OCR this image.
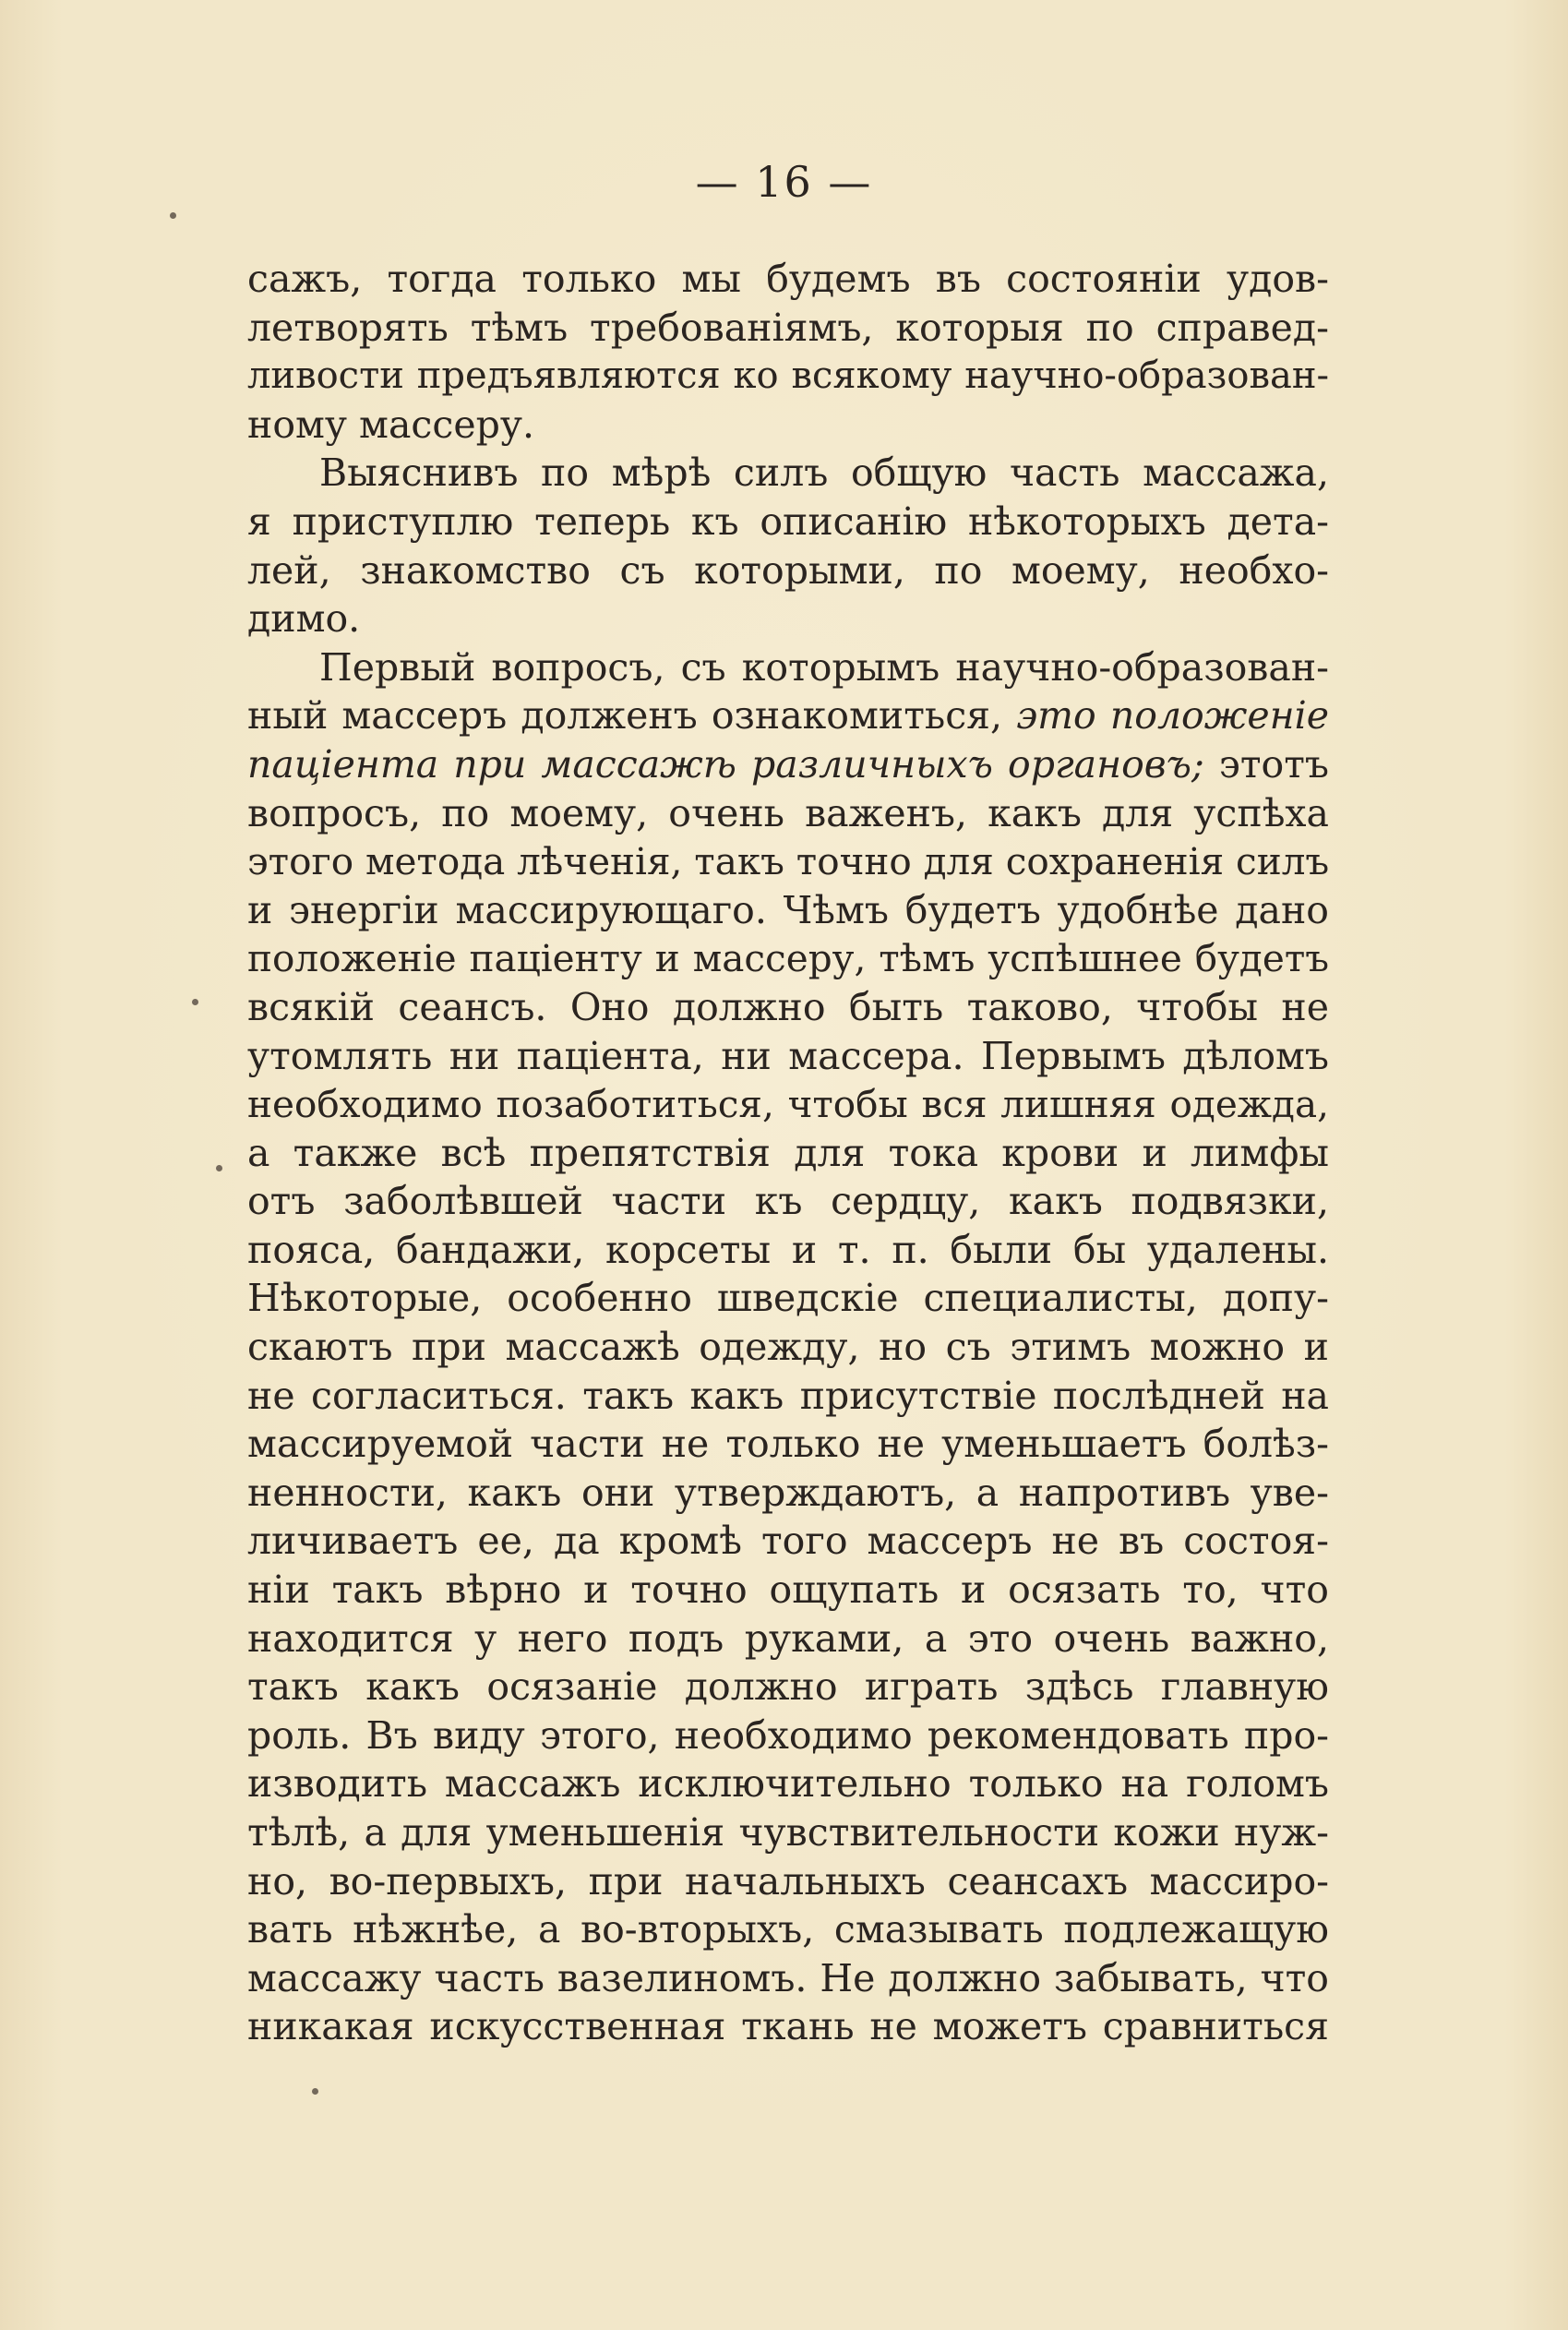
— 16 —
сажъ, тогда только мы будемъ въ состоянiи удов-
летворять тѣмъ требованiямъ, которыя по справед-
ливости предъявляются ко всякому научно-образован-
ному массеру.
Выяснивъ по мѣрѣ силъ общую часть массажа,
я приступлю теперь къ описанiю нѣкоторыхъ дета-
лей, знакомство съ которыми, по моему, необхо-
димо.
Первый вопросъ, съ которымъ научно-образован-
ный массеръ долженъ ознакомиться, это положенiе
пацiента при массажѣ различныхъ органовъ; этотъ
вопросъ, по моему, очень важенъ, какъ для успѣха
этого метода лѣченiя, такъ точно для сохраненiя силъ
и энергiи массирующаго. Чѣмъ будетъ удобнѣе дано
положенiе пацiенту и массеру, тѣмъ успѣшнее будетъ
всякiй сеансъ. Оно должно быть таково, чтобы не
утомлять ни пацiента, ни массера. Первымъ дѣломъ
необходимо позаботиться, чтобы вся лишняя одежда,
а также всѣ препятствiя для тока крови и лимфы
отъ заболѣвшей части къ сердцу, какъ подвязки,
пояса, бандажи, корсеты и т. п. были бы удалены.
Нѣкоторые, особенно шведскiе специалисты, допу-
скаютъ при массажѣ одежду, но съ этимъ можно и
не согласиться. такъ какъ присутствiе послѣдней на
массируемой части не только не уменьшаетъ болѣз-
ненности, какъ они утверждаютъ, а напротивъ уве-
личиваетъ ее, да кромѣ того массеръ не въ состоя-
нiи такъ вѣрно и точно ощупать и осязать то, что
находится у него подъ руками, а это очень важно,
такъ какъ осязанiе должно играть здѣсь главную
роль. Въ виду этого, необходимо рекомендовать про-
изводить массажъ исключительно только на голомъ
тѣлѣ, а для уменьшенiя чувствительности кожи нуж-
но, во-первыхъ, при начальныхъ сеансахъ массиро-
вать нѣжнѣе, а во-вторыхъ, смазывать подлежащую
массажу часть вазелиномъ. Не должно забывать, что
никакая искусственная ткань не можетъ сравниться
